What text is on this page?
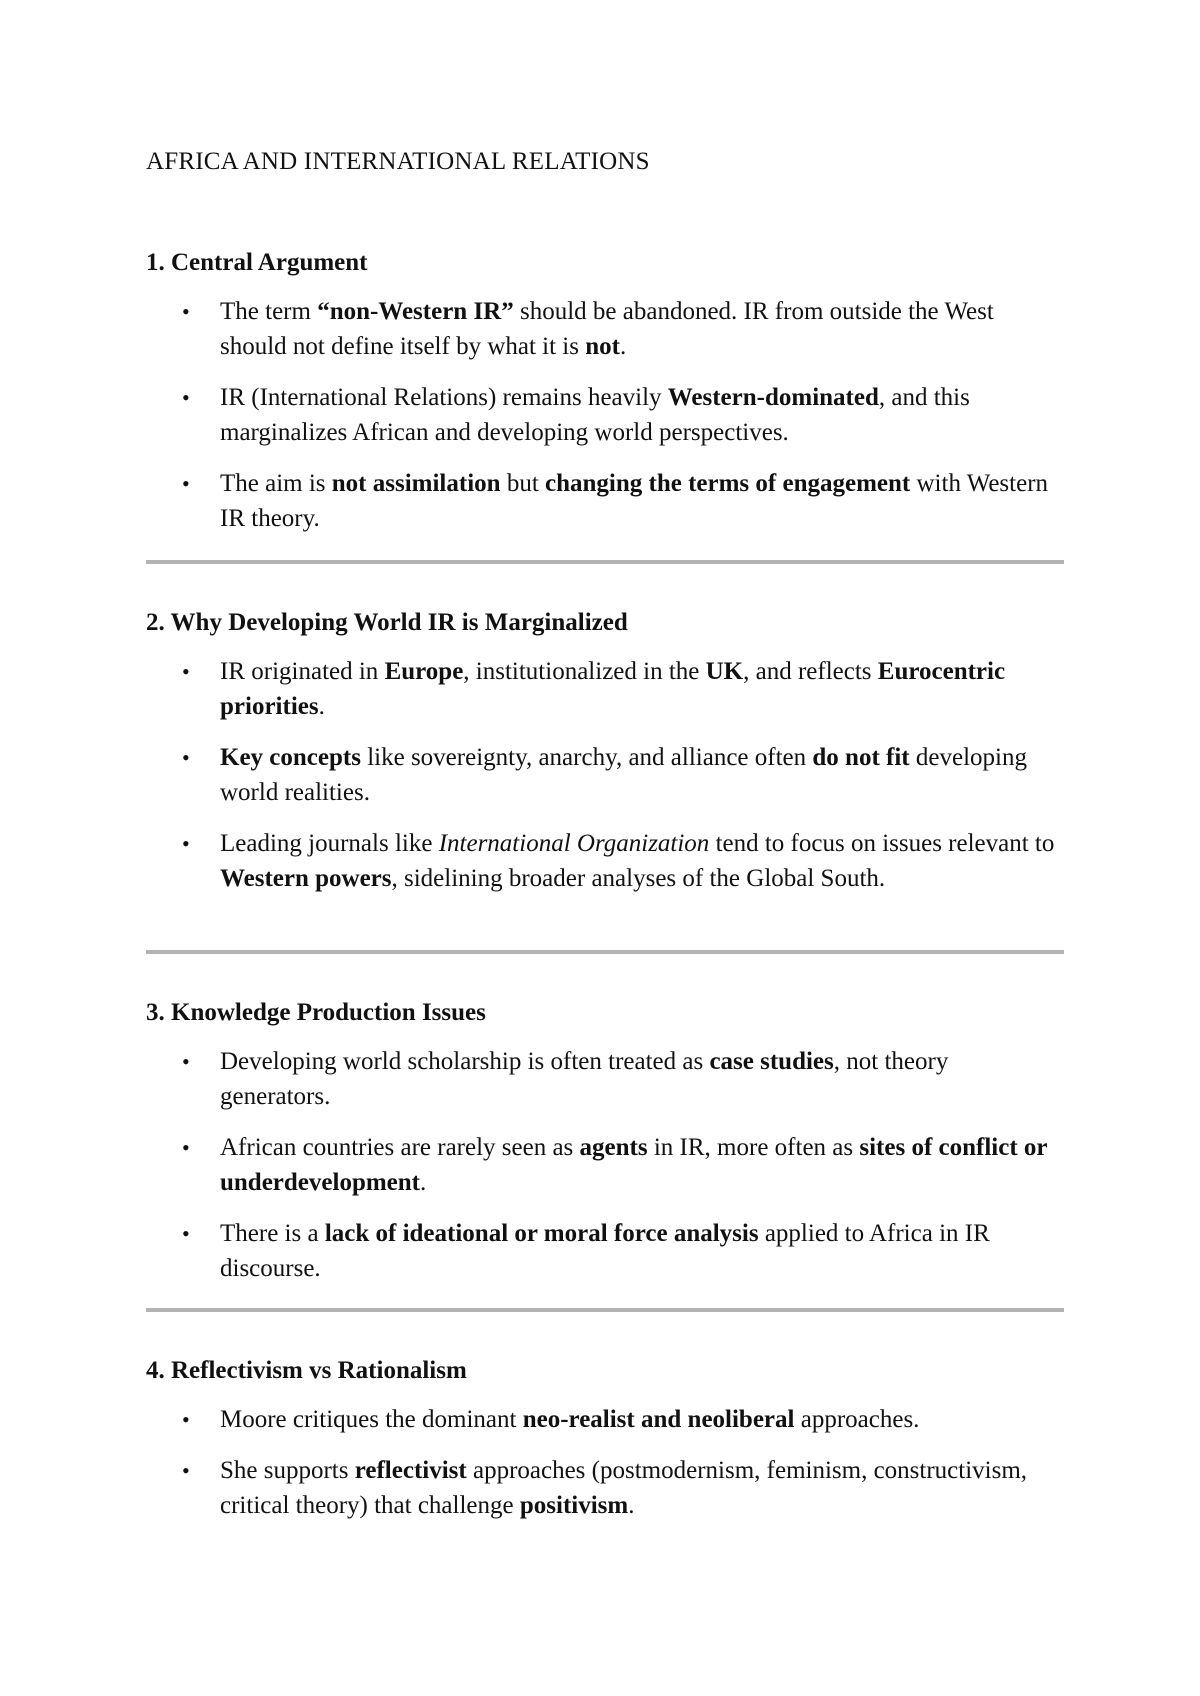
AFRICA AND INTERNATIONAL RELATIONS
1. Central Argument
• The term “non-Western IR” should be abandoned. IR from outside the West should not define itself by what it is not.
• IR (International Relations) remains heavily Western-dominated, and this marginalizes African and developing world perspectives.
• The aim is not assimilation but changing the terms of engagement with Western IR theory.
2. Why Developing World IR is Marginalized
• IR originated in Europe, institutionalized in the UK, and reflects Eurocentric priorities.
• Key concepts like sovereignty, anarchy, and alliance often do not fit developing world realities.
• Leading journals like International Organization tend to focus on issues relevant to Western powers, sidelining broader analyses of the Global South.
3. Knowledge Production Issues
• Developing world scholarship is often treated as case studies, not theory generators.
• African countries are rarely seen as agents in IR, more often as sites of conflict or underdevelopment.
• There is a lack of ideational or moral force analysis applied to Africa in IR discourse.
4. Reflectivism vs Rationalism
• Moore critiques the dominant neo-realist and neoliberal approaches.
• She supports reflectivist approaches (postmodernism, feminism, constructivism, critical theory) that challenge positivism.
